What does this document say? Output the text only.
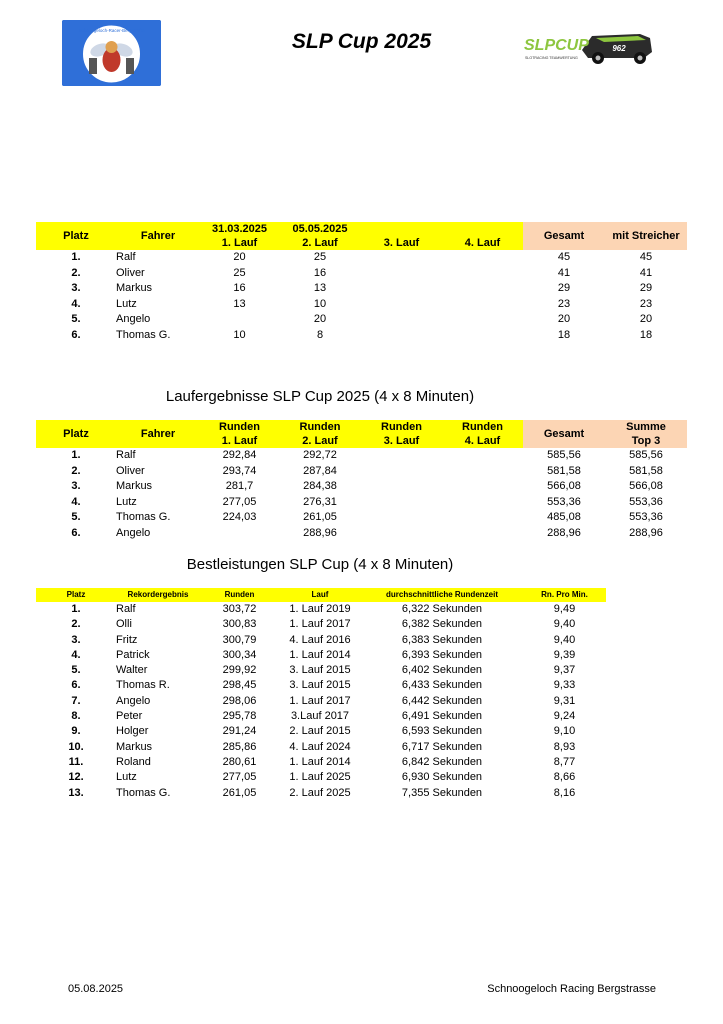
Schnoogeloch-Racer-Bergstraße	SLP Cup 2025	962
SLPCUP
SLOTRACING TEAMWERTUNG
Platz	Fahrer	31.03.2025	05.05.2025			Gesamt	mit Streicher
		1. Lauf	2. Lauf	3. Lauf	4. Lauf		
1.	Ralf	20	25			45	45
2.	Oliver	25	16			41	41
3.	Markus	16	13			29	29
4.	Lutz	13	10			23	23
5.	Angelo		20			20	20
6.	Thomas G.	10	8			18	18
Laufergebnisse SLP Cup 2025 (4 x 8 Minuten)
Platz	Fahrer	Runden	Runden	Runden	Runden	Gesamt	Summe
		1. Lauf	2. Lauf	3. Lauf	4. Lauf		Top 3
1.	Ralf	292,84	292,72			585,56	585,56
2.	Oliver	293,74	287,84			581,58	581,58
3.	Markus	281,7	284,38			566,08	566,08
4.	Lutz	277,05	276,31			553,36	553,36
5.	Thomas G.	224,03	261,05			485,08	553,36
6.	Angelo		288,96			288,96	288,96
Bestleistungen SLP Cup (4 x 8 Minuten)
Platz	Rekordergebnis	Runden	Lauf	durchschnittliche Rundenzeit	Rn. Pro Min.
1.	Ralf	303,72	1. Lauf 2019	6,322 Sekunden	9,49
2.	Olli	300,83	1. Lauf 2017	6,382 Sekunden	9,40
3.	Fritz	300,79	4. Lauf 2016	6,383 Sekunden	9,40
4.	Patrick	300,34	1. Lauf 2014	6,393 Sekunden	9,39
5.	Walter	299,92	3. Lauf 2015	6,402 Sekunden	9,37
6.	Thomas R.	298,45	3. Lauf 2015	6,433 Sekunden	9,33
7.	Angelo	298,06	1. Lauf 2017	6,442 Sekunden	9,31
8.	Peter	295,78	3.Lauf 2017	6,491 Sekunden	9,24
9.	Holger	291,24	2. Lauf 2015	6,593 Sekunden	9,10
10.	Markus	285,86	4. Lauf 2024	6,717 Sekunden	8,93
11.	Roland	280,61	1. Lauf 2014	6,842 Sekunden	8,77
12.	Lutz	277,05	1. Lauf 2025	6,930 Sekunden	8,66
13.	Thomas G.	261,05	2. Lauf 2025	7,355 Sekunden	8,16
05.08.2025	Schnoogeloch Racing Bergstrasse
